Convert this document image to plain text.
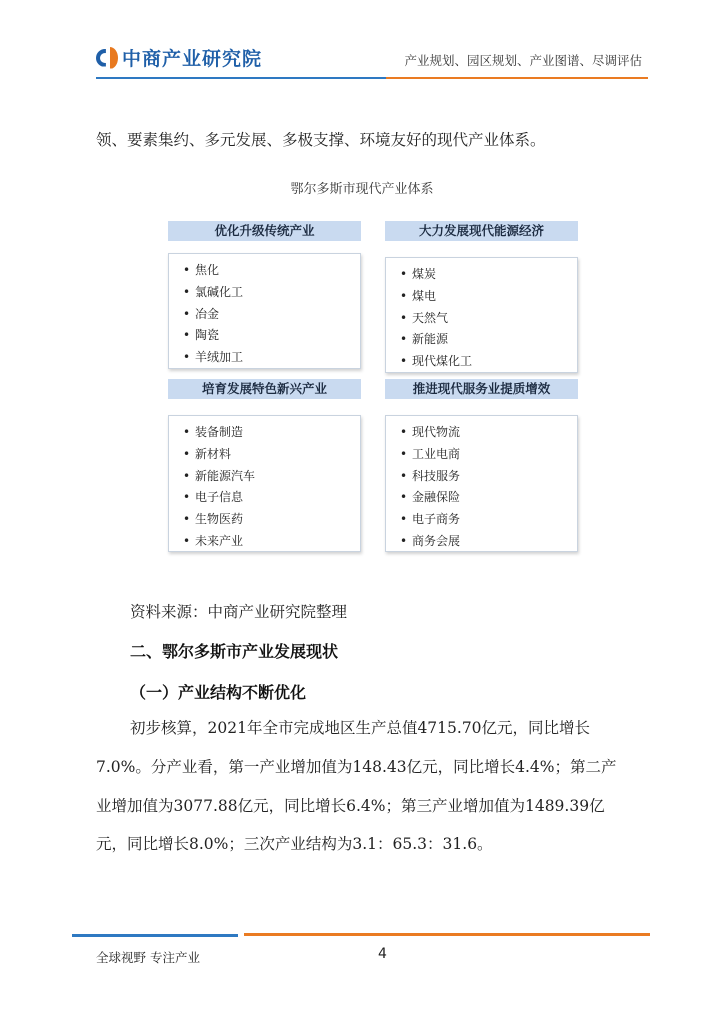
中商产业研究院	产业规划、园区规划、产业图谱、尽调评估
领、要素集约、多元发展、多极支撑、环境友好的现代产业体系。
鄂尔多斯市现代产业体系
优化升级传统产业
• 焦化
• 氯碱化工
• 冶金
• 陶瓷
• 羊绒加工
大力发展现代能源经济
• 煤炭
• 煤电
• 天然气
• 新能源
• 现代煤化工
培育发展特色新兴产业
• 装备制造
• 新材料
• 新能源汽车
• 电子信息
• 生物医药
• 未来产业
推进现代服务业提质增效
• 现代物流
• 工业电商
• 科技服务
• 金融保险
• 电子商务
• 商务会展
资料来源：中商产业研究院整理
二、鄂尔多斯市产业发展现状
（一）产业结构不断优化
初步核算，2021年全市完成地区生产总值4715.70亿元，同比增长
7.0%。分产业看，第一产业增加值为148.43亿元，同比增长4.4%；第二产
业增加值为3077.88亿元，同比增长6.4%；第三产业增加值为1489.39亿
元，同比增长8.0%；三次产业结构为3.1：65.3：31.6。
全球视野 专注产业	4
